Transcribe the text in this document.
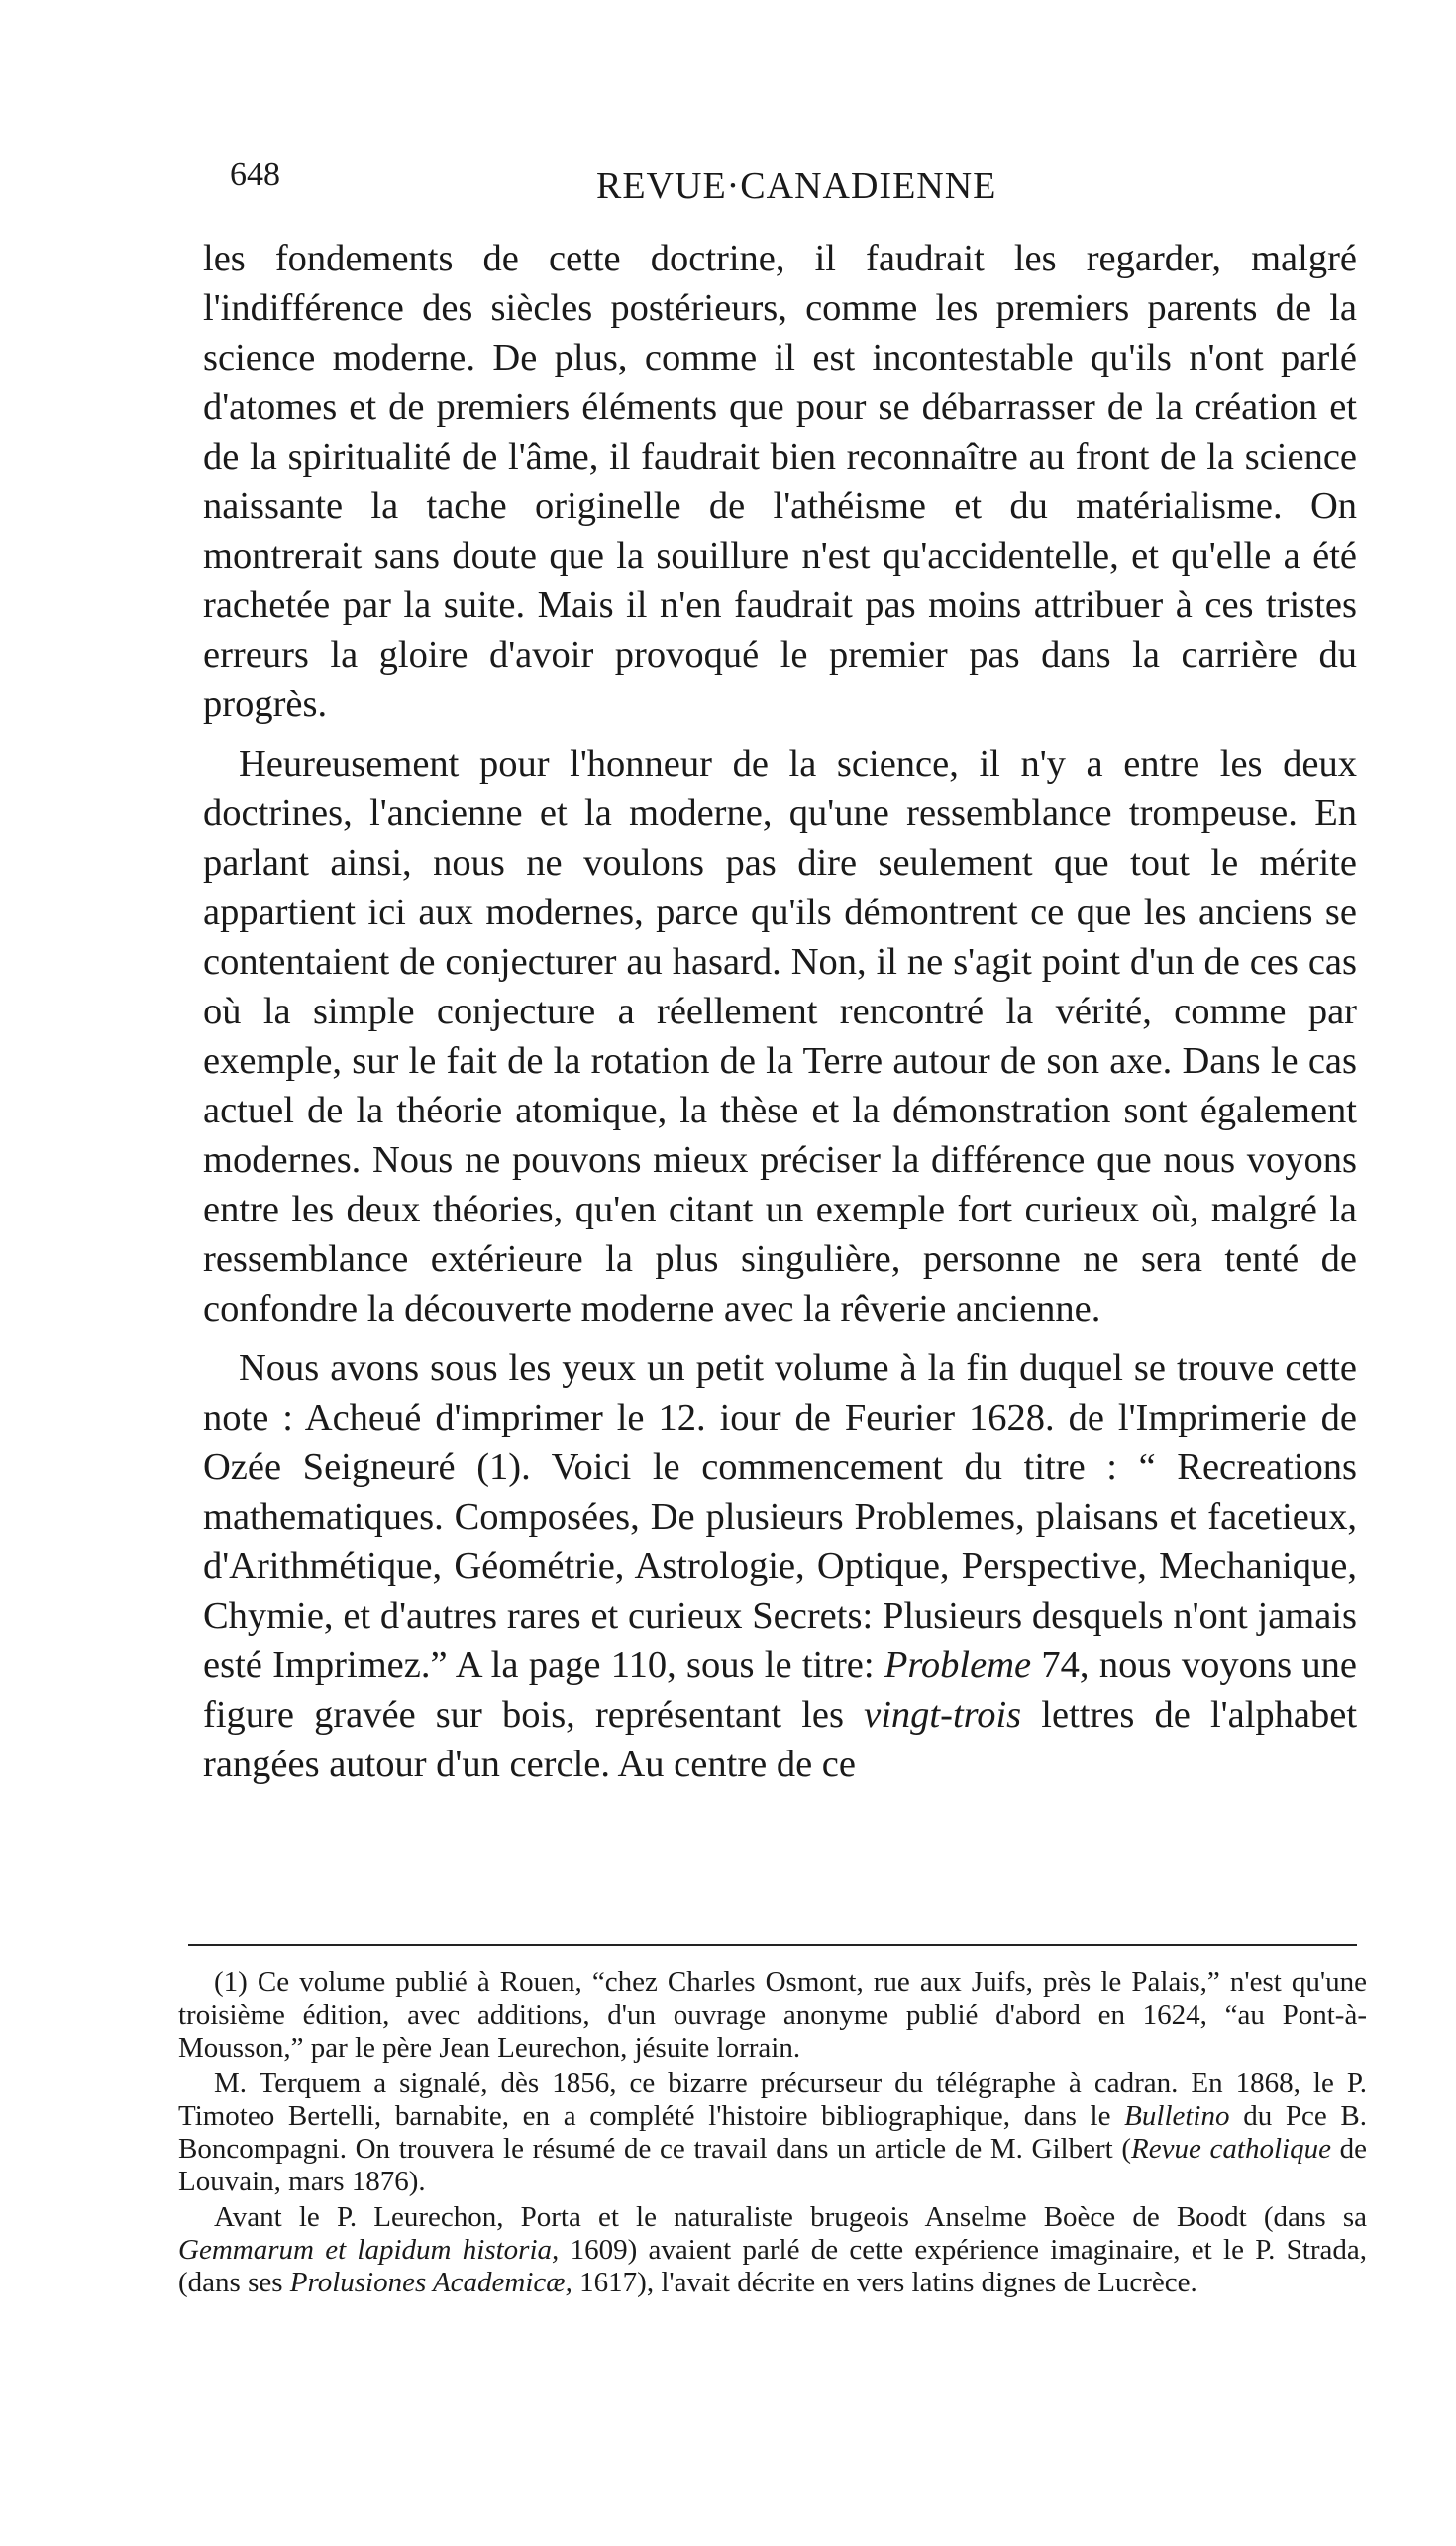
648	REVUE·CANADIENNE

les fondements de cette doctrine, il faudrait les regarder, malgré l'indifférence des siècles postérieurs, comme les premiers parents de la science moderne. De plus, comme il est incontestable qu'ils n'ont parlé d'atomes et de premiers éléments que pour se débarrasser de la création et de la spiritualité de l'âme, il faudrait bien reconnaître au front de la science naissante la tache originelle de l'athéisme et du matérialisme. On montrerait sans doute que la souillure n'est qu'accidentelle, et qu'elle a été rachetée par la suite. Mais il n'en faudrait pas moins attribuer à ces tristes erreurs la gloire d'avoir provoqué le premier pas dans la carrière du progrès.

Heureusement pour l'honneur de la science, il n'y a entre les deux doctrines, l'ancienne et la moderne, qu'une ressemblance trompeuse. En parlant ainsi, nous ne voulons pas dire seulement que tout le mérite appartient ici aux modernes, parce qu'ils démontrent ce que les anciens se contentaient de conjecturer au hasard. Non, il ne s'agit point d'un de ces cas où la simple conjecture a réellement rencontré la vérité, comme par exemple, sur le fait de la rotation de la Terre autour de son axe. Dans le cas actuel de la théorie atomique, la thèse et la démonstration sont également modernes. Nous ne pouvons mieux préciser la différence que nous voyons entre les deux théories, qu'en citant un exemple fort curieux où, malgré la ressemblance extérieure la plus singulière, personne ne sera tenté de confondre la découverte moderne avec la rêverie ancienne.

Nous avons sous les yeux un petit volume à la fin duquel se trouve cette note : Acheué d'imprimer le 12. iour de Feurier 1628. de l'Imprimerie de Ozée Seigneuré (1). Voici le commencement du titre : “ Recreations mathematiques. Composées, De plusieurs Problemes, plaisans et facetieux, d'Arithmétique, Géométrie, Astrologie, Optique, Perspective, Mechanique, Chymie, et d'autres rares et curieux Secrets: Plusieurs desquels n'ont jamais esté Imprimez.” A la page 110, sous le titre: Probleme 74, nous voyons une figure gravée sur bois, représentant les vingt-trois lettres de l'alphabet rangées autour d'un cercle. Au centre de ce

(1) Ce volume publié à Rouen, “chez Charles Osmont, rue aux Juifs, près le Palais,” n'est qu'une troisième édition, avec additions, d'un ouvrage anonyme publié d'abord en 1624, “au Pont-à-Mousson,” par le père Jean Leurechon, jésuite lorrain.

M. Terquem a signalé, dès 1856, ce bizarre précurseur du télégraphe à cadran. En 1868, le P. Timoteo Bertelli, barnabite, en a complété l'histoire bibliographique, dans le Bulletino du Pce B. Boncompagni. On trouvera le résumé de ce travail dans un article de M. Gilbert (Revue catholique de Louvain, mars 1876).

Avant le P. Leurechon, Porta et le naturaliste brugeois Anselme Boèce de Boodt (dans sa Gemmarum et lapidum historia, 1609) avaient parlé de cette expérience imaginaire, et le P. Strada, (dans ses Prolusiones Academicæ, 1617), l'avait décrite en vers latins dignes de Lucrèce.
